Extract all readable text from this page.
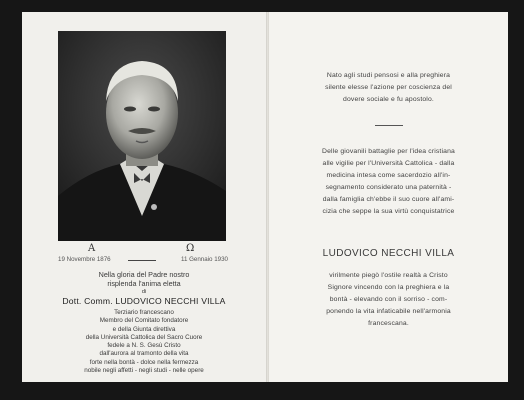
Α	Ω
19 Novembre 1876	11 Gennaio 1930
Nella gloria del Padre nostro
risplenda l'anima eletta
di
Dott. Comm. LUDOVICO NECCHI VILLA
Terziario francescano
Membro del Comitato fondatore
e della Giunta direttiva
della Università Cattolica del Sacro Cuore
fedele a N. S. Gesù Cristo
dall'aurora al tramonto della vita
forte nella bontà - dolce nella fermezza
nobile negli affetti - negli studi - nelle opere
Nato agli studi pensosi e alla preghiera
silente elesse l'azione per coscienza del
dovere sociale e fu apostolo.
Delle giovanili battaglie per l'idea cristiana
alle vigilie per l'Università Cattolica - dalla
medicina intesa come sacerdozio all'in-
segnamento considerato una paternità -
dalla famiglia ch'ebbe il suo cuore all'ami-
cizia che seppe la sua virtù conquistatrice
LUDOVICO NECCHI VILLA
virilmente piegò l'ostile realtà a Cristo
Signore vincendo con la preghiera e la
bontà - elevando con il sorriso - com-
ponendo la vita infaticabile nell'armonia
francescana.
